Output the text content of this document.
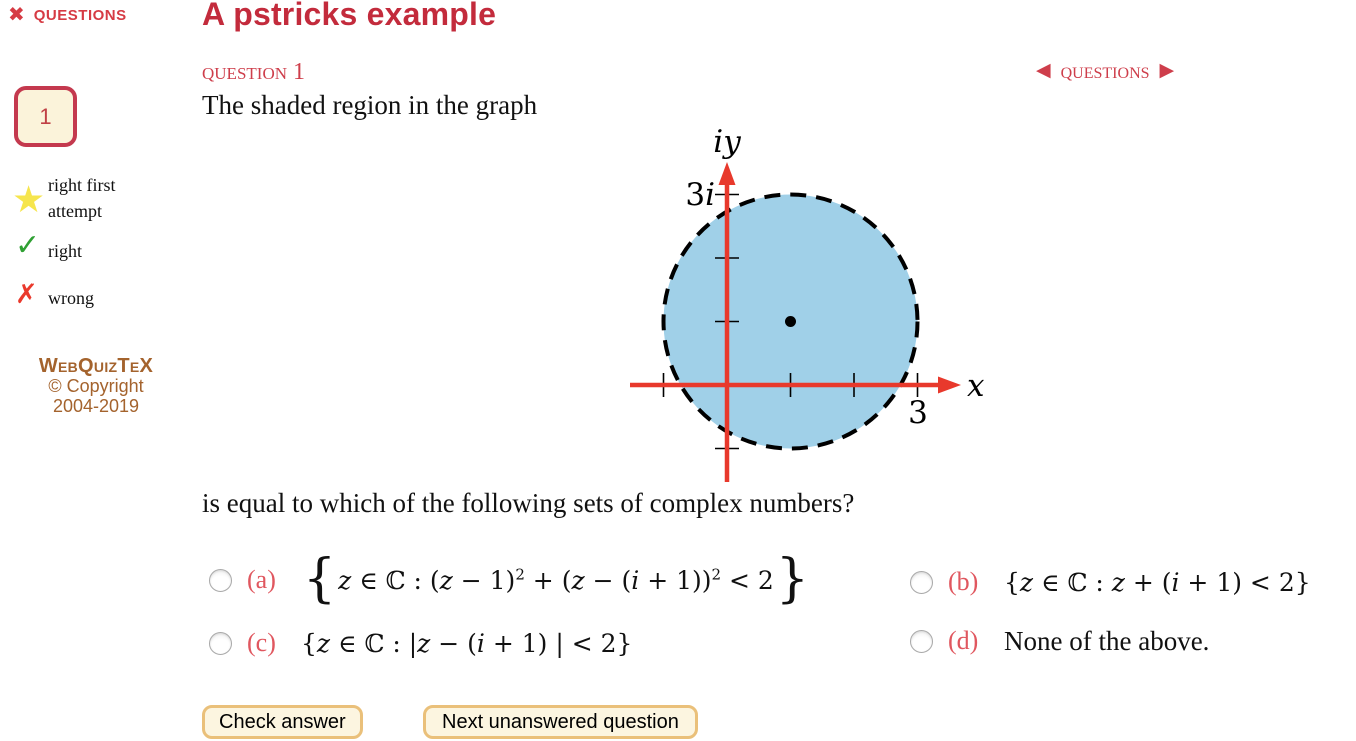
✖ questions A pstricks example
question 1	◀ questions ▶
1
★ right first attempt
✓ right
✗ wrong
WebQuizTeX
© Copyright
2004-2019
The shaded region in the graph
x
iy
3i
3
is equal to which of the following sets of complex numbers?
(a) {z ∈ ℂ : $(z - 1)^2 + (z - (i + 1))^2 < 2$}	(b)	{z ∈ ℂ : z + (i + 1) < 2}
(c)	{z ∈ ℂ : |z − (i + 1) | < 2}	(d) None of the above.
Check answer	Next unanswered question
